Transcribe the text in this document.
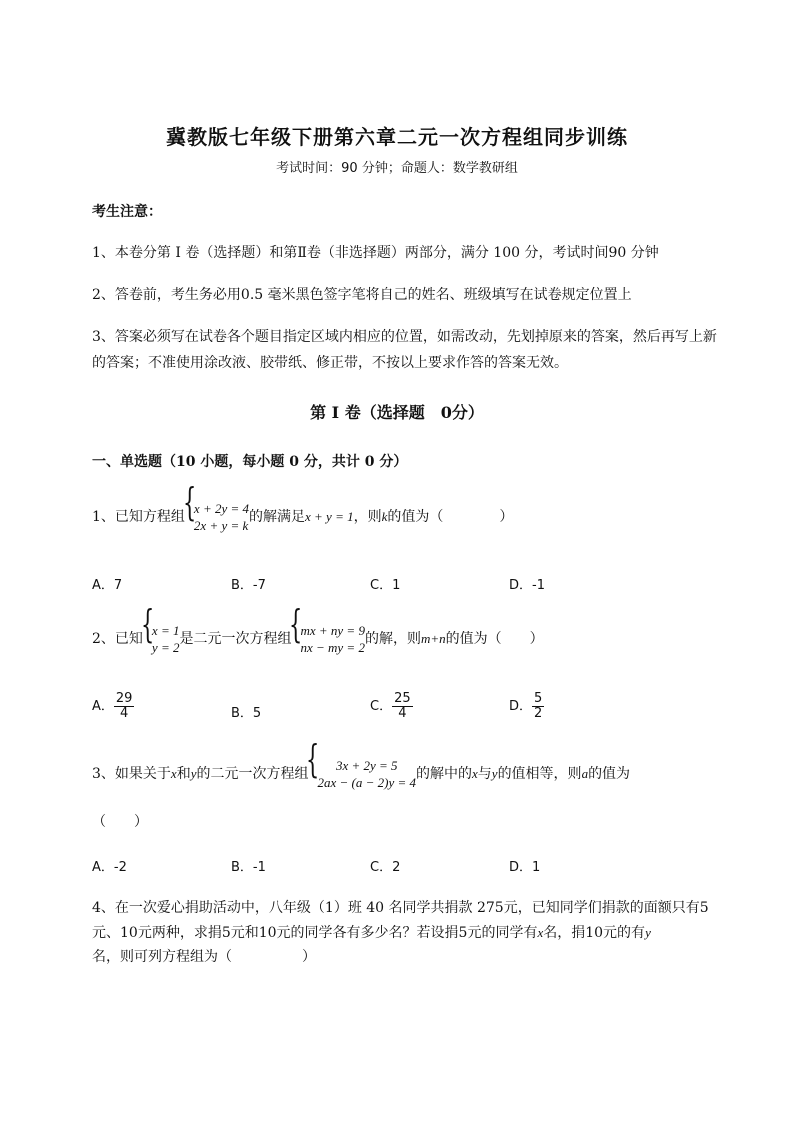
冀教版七年级下册第六章二元一次方程组同步训练
考试时间：90 分钟；命题人：数学教研组
考生注意：
1、本卷分第 I 卷（选择题）和第Ⅱ卷（非选择题）两部分，满分 100 分，考试时间90 分钟
2、答卷前，考生务必用0.5 毫米黑色签字笔将自己的姓名、班级填写在试卷规定位置上
3、答案必须写在试卷各个题目指定区域内相应的位置，如需改动，先划掉原来的答案，然后再写上新
的答案；不准使用涂改液、胶带纸、修正带，不按以上要求作答的答案无效。
第 I 卷（选择题　0分）
一、单选题（10 小题，每小题 0 分，共计 0 分）
1、已知方程组
{ x + 2y = 4
2x + y = k
的解满足x + y = 1，则k的值为（　　　　）
A．7	B．-7	C．1	D．-1
2、已知
{ x = 1
y = 2
是二元一次方程组
{ mx + ny = 9
nx − my = 2
的解，则m+n的值为（　　）
A． $\frac{29}{4}$	B．5	C． $\frac{25}{4}$	D． $\frac{5}{2}$
3、如果关于x和y的二元一次方程组
{ 3x + 2y = 5
2ax − (a − 2)y = 4
的解中的x与y的值相等，则a的值为
（　　）
A．-2	B．-1	C．2	D．1
4、在一次爱心捐助活动中，八年级（1）班 40 名同学共捐款 275元，已知同学们捐款的面额只有5
元、10元两种，求捐5元和10元的同学各有多少名？若设捐5元的同学有x名，捐10元的有y
名，则可列方程组为（　　　　　）
